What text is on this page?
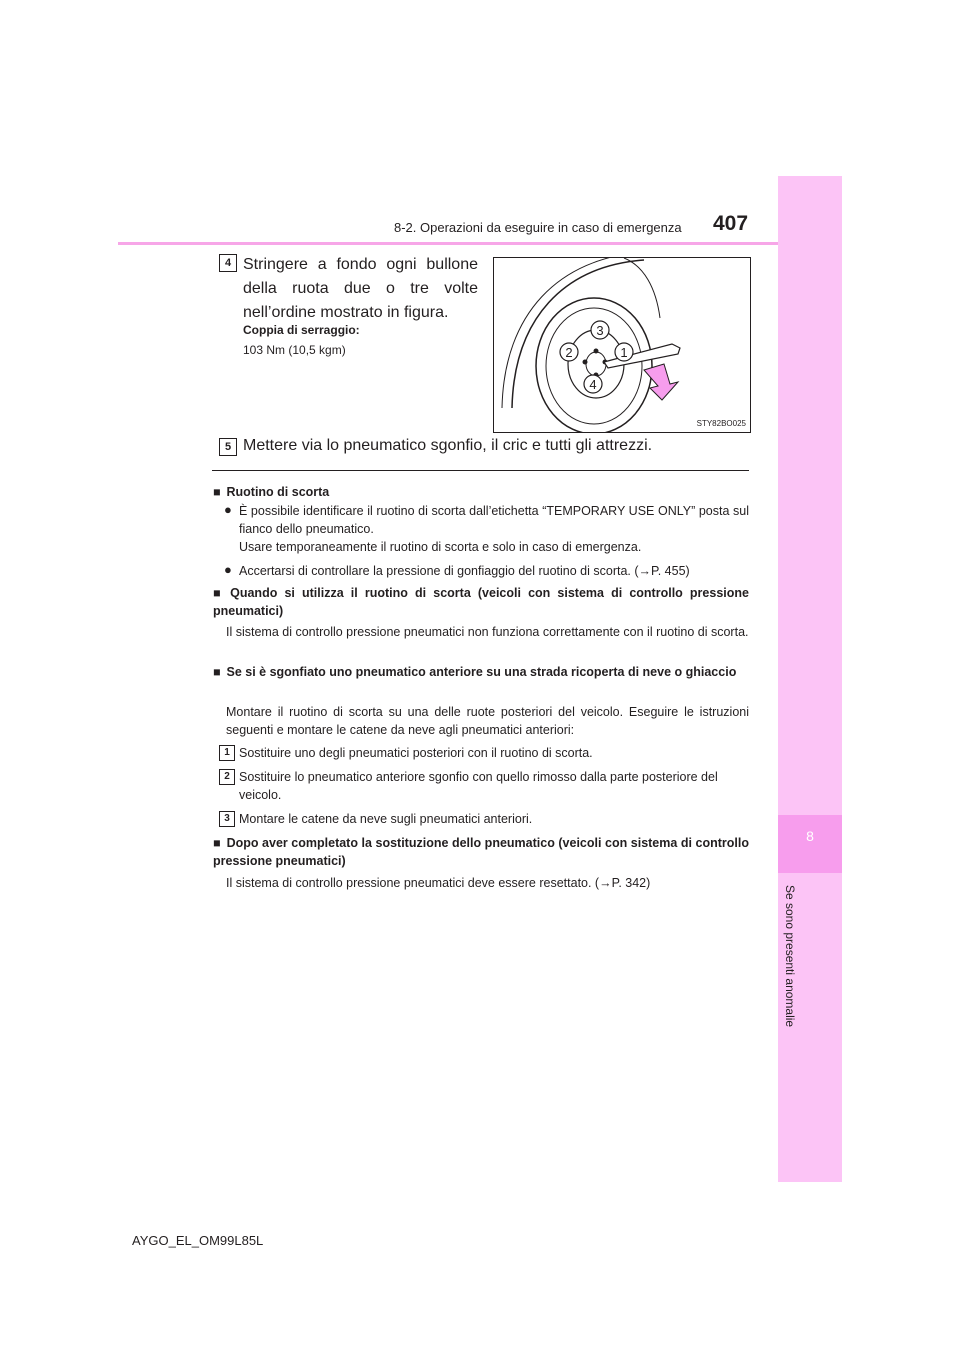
8
Se sono presenti anomalie
8-2. Operazioni da eseguire in caso di emergenza 407
4 Stringere a fondo ogni bullone della ruota due o tre volte nell’ordine mostrato in figura.
Coppia di serraggio:
103 Nm (10,5 kgm)
3
2	1
4
STY82BO025
5 Mettere via lo pneumatico sgonfio, il cric e tutti gli attrezzi.
■ Ruotino di scorta
● È possibile identificare il ruotino di scorta dall’etichetta “TEMPORARY USE ONLY” posta sul fianco dello pneumatico.
Usare temporaneamente il ruotino di scorta e solo in caso di emergenza.
● Accertarsi di controllare la pressione di gonfiaggio del ruotino di scorta. (→P. 455)
■ Quando si utilizza il ruotino di scorta (veicoli con sistema di controllo pressione pneumatici)
Il sistema di controllo pressione pneumatici non funziona correttamente con il ruotino di scorta.
■ Se si è sgonfiato uno pneumatico anteriore su una strada ricoperta di neve o ghiaccio
Montare il ruotino di scorta su una delle ruote posteriori del veicolo. Eseguire le istruzioni seguenti e montare le catene da neve agli pneumatici anteriori:
1 Sostituire uno degli pneumatici posteriori con il ruotino di scorta.
2 Sostituire lo pneumatico anteriore sgonfio con quello rimosso dalla parte posteriore del veicolo.
3 Montare le catene da neve sugli pneumatici anteriori.
■ Dopo aver completato la sostituzione dello pneumatico (veicoli con sistema di controllo pressione pneumatici)
Il sistema di controllo pressione pneumatici deve essere resettato. (→P. 342)
AYGO_EL_OM99L85L
